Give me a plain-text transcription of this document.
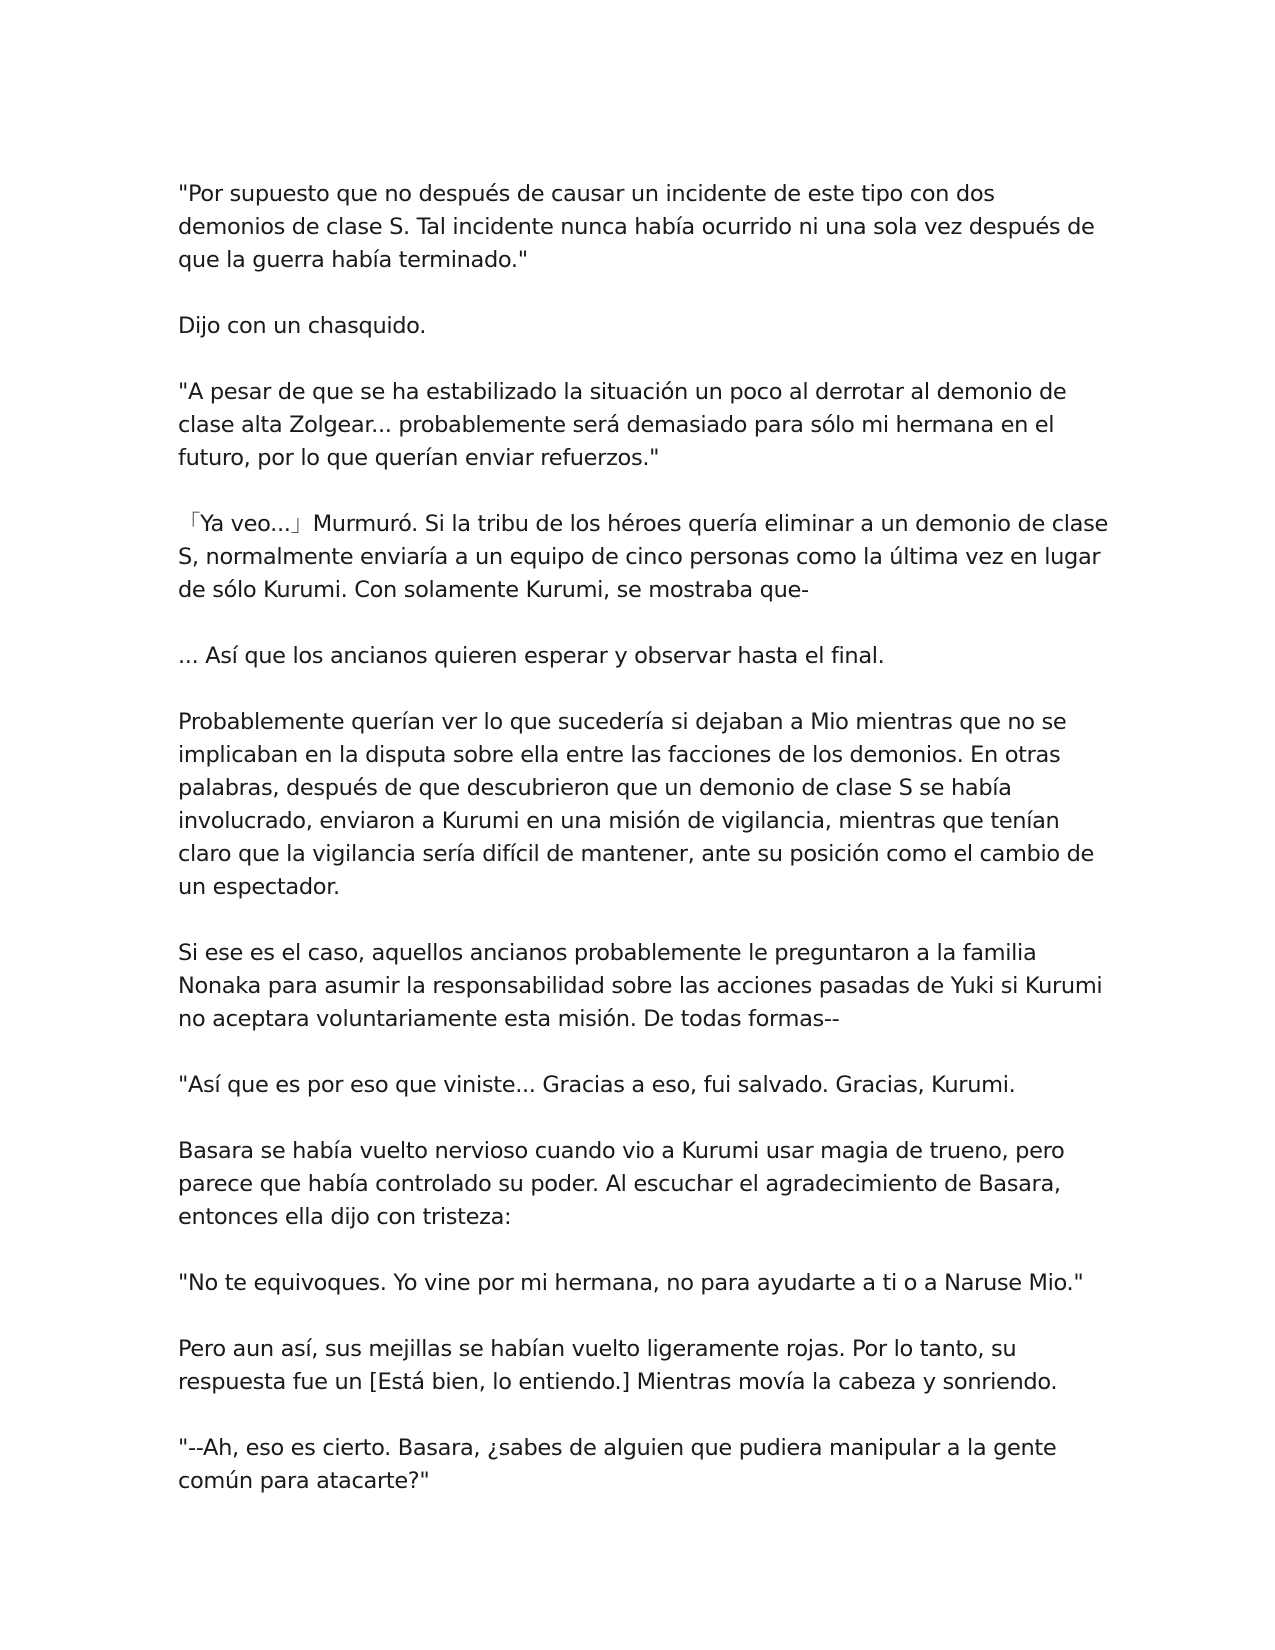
"Por supuesto que no después de causar un incidente de este tipo con dos demonios de clase S. Tal incidente nunca había ocurrido ni una sola vez después de que la guerra había terminado."

Dijo con un chasquido.

"A pesar de que se ha estabilizado la situación un poco al derrotar al demonio de clase alta Zolgear... probablemente será demasiado para sólo mi hermana en el futuro, por lo que querían enviar refuerzos."

「Ya veo...」Murmuró. Si la tribu de los héroes quería eliminar a un demonio de clase S, normalmente enviaría a un equipo de cinco personas como la última vez en lugar de sólo Kurumi. Con solamente Kurumi, se mostraba que-

... Así que los ancianos quieren esperar y observar hasta el final.

Probablemente querían ver lo que sucedería si dejaban a Mio mientras que no se implicaban en la disputa sobre ella entre las facciones de los demonios. En otras palabras, después de que descubrieron que un demonio de clase S se había involucrado, enviaron a Kurumi en una misión de vigilancia, mientras que tenían claro que la vigilancia sería difícil de mantener, ante su posición como el cambio de un espectador.

Si ese es el caso, aquellos ancianos probablemente le preguntaron a la familia Nonaka para asumir la responsabilidad sobre las acciones pasadas de Yuki si Kurumi no aceptara voluntariamente esta misión. De todas formas--

"Así que es por eso que viniste... Gracias a eso, fui salvado. Gracias, Kurumi.

Basara se había vuelto nervioso cuando vio a Kurumi usar magia de trueno, pero parece que había controlado su poder. Al escuchar el agradecimiento de Basara, entonces ella dijo con tristeza:

"No te equivoques. Yo vine por mi hermana, no para ayudarte a ti o a Naruse Mio."

Pero aun así, sus mejillas se habían vuelto ligeramente rojas. Por lo tanto, su respuesta fue un [Está bien, lo entiendo.] Mientras movía la cabeza y sonriendo.

"--Ah, eso es cierto. Basara, ¿sabes de alguien que pudiera manipular a la gente común para atacarte?"
